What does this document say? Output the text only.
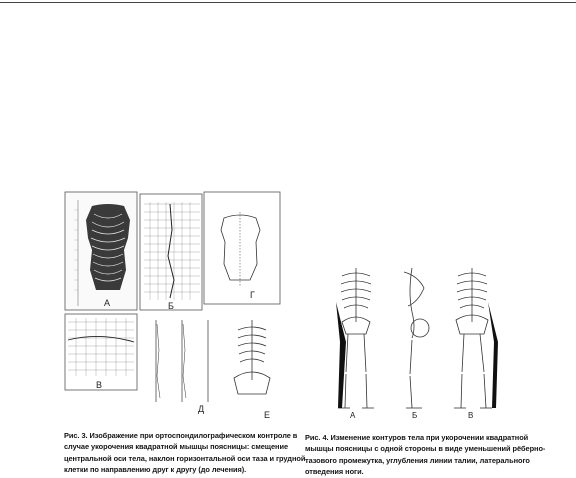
А	Б
Г
В
Д
Е
Рис. 3. Изображение при ортоспондилографическом контроле в
случае укорочения квадратной мышцы поясницы: смещение
центральной оси тела, наклон горизонтальной оси таза и грудной
клетки по направлению друг к другу (до лечения).
А	Б	В
Рис. 4. Изменение контуров тела при укорочении квадратной
мышцы поясницы с одной стороны в виде уменьшений рёберно-
тазового промежутка, углубления линии талии, латерального
отведения ноги.
